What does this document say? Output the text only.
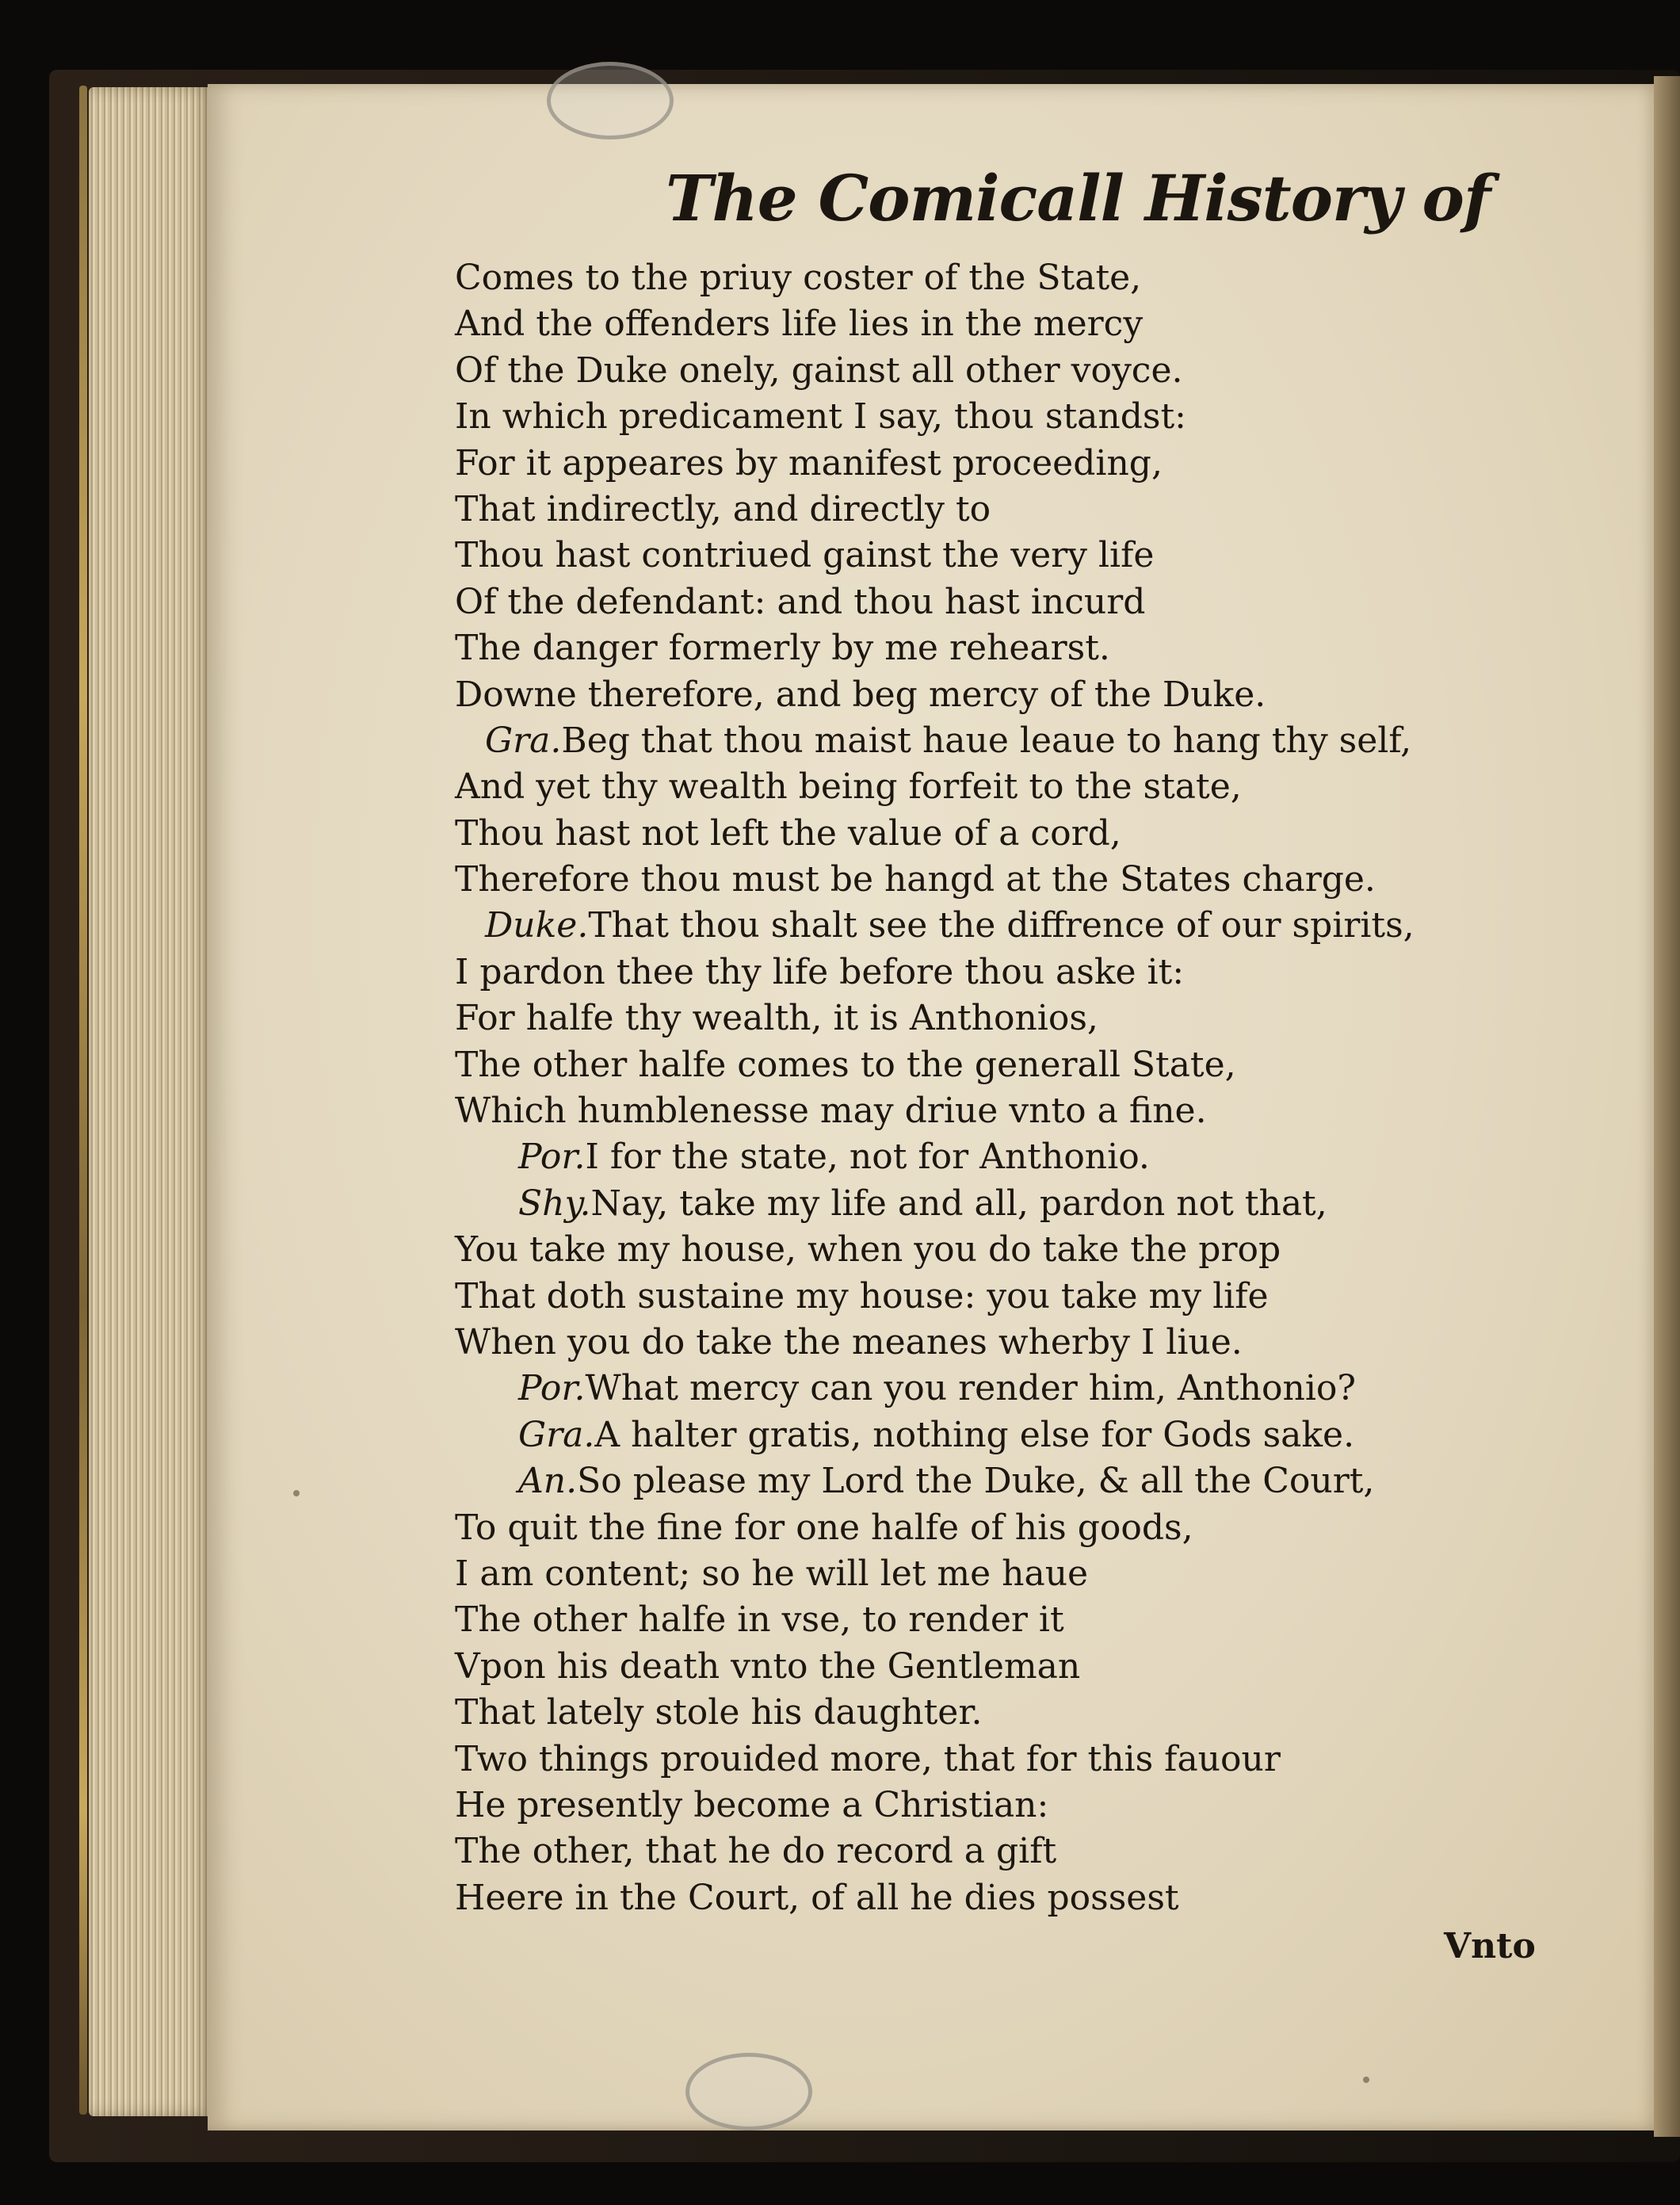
The Comicall History of
Comes to the priuy coster of the State,
And the offenders life lies in the mercy
Of the Duke onely, gainst all other voyce.
In which predicament I say, thou standst:
For it appeares by manifest proceeding,
That indirectly, and directly to
Thou hast contriued gainst the very life
Of the defendant: and thou hast incurd
The danger formerly by me rehearst.
Downe therefore, and beg mercy of the Duke.
Gra.Beg that thou maist haue leaue to hang thy self,
And yet thy wealth being forfeit to the state,
Thou hast not left the value of a cord,
Therefore thou must be hangd at the States charge.
Duke.That thou shalt see the diffrence of our spirits,
I pardon thee thy life before thou aske it:
For halfe thy wealth, it is Anthonios,
The other halfe comes to the generall State,
Which humblenesse may driue vnto a fine.
Por.I for the state, not for Anthonio.
Shy.Nay, take my life and all, pardon not that,
You take my house, when you do take the prop
That doth sustaine my house: you take my life
When you do take the meanes wherby I liue.
Por.What mercy can you render him, Anthonio?
Gra.A halter gratis, nothing else for Gods sake.
An.So please my Lord the Duke, & all the Court,
To quit the fine for one halfe of his goods,
I am content; so he will let me haue
The other halfe in vse, to render it
Vpon his death vnto the Gentleman
That lately stole his daughter.
Two things prouided more, that for this fauour
He presently become a Christian:
The other, that he do record a gift
Heere in the Court, of all he dies possest
Vnto
